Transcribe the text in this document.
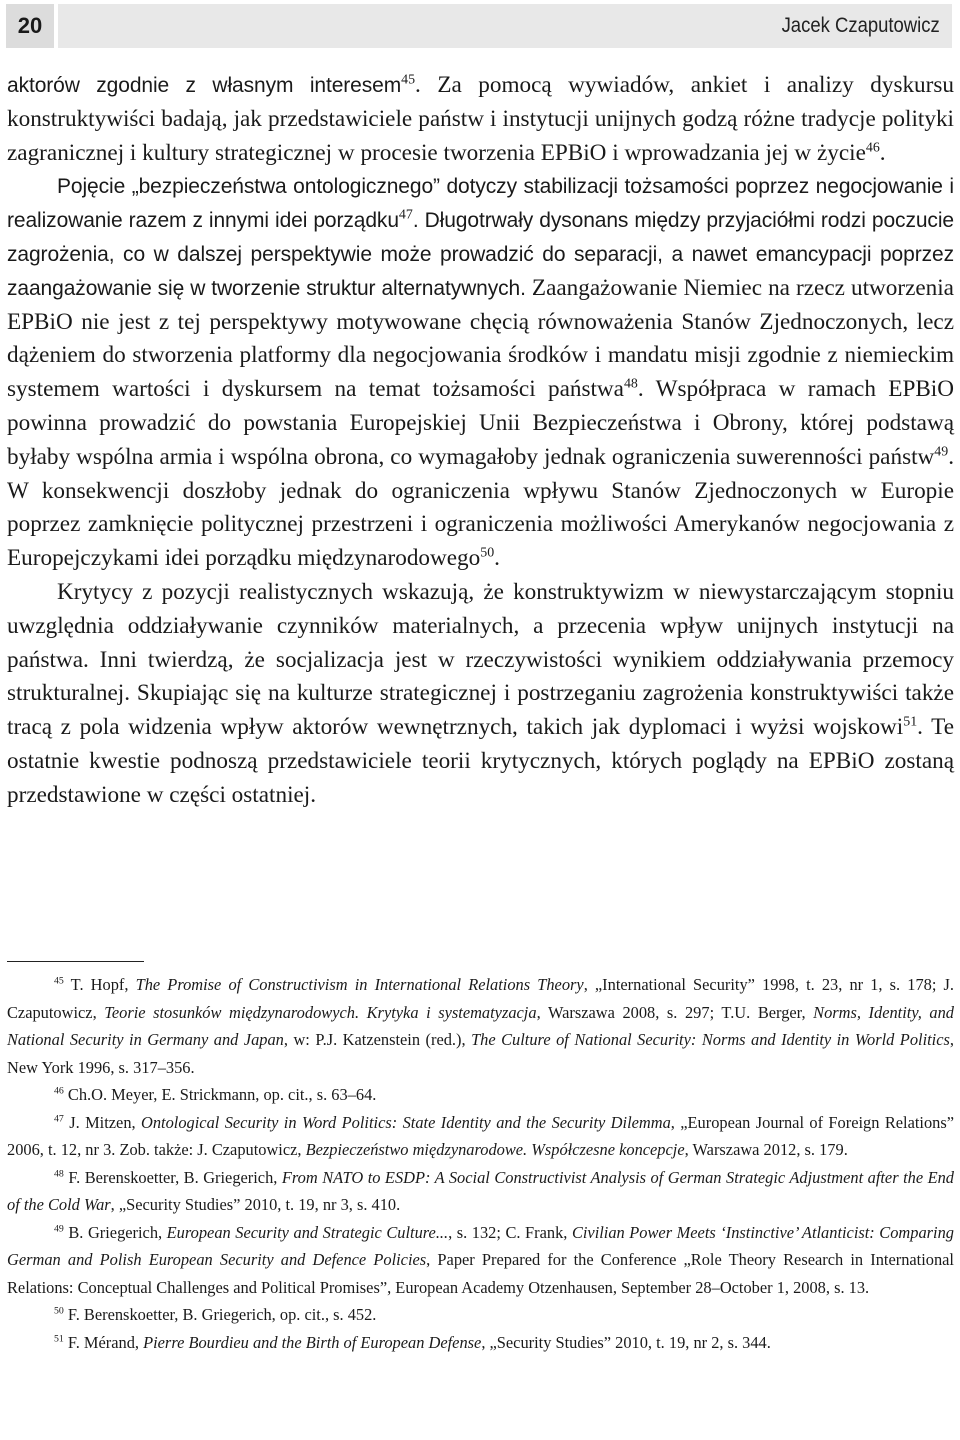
20	Jacek Czaputowicz

aktorów zgodnie z własnym interesem$^{45}$. Za pomocą wywiadów, ankiet i analizy dyskursu konstruktywiści badają, jak przedstawiciele państw i instytucji unijnych godzą różne tradycje polityki zagranicznej i kultury strategicznej w procesie tworzenia EPBiO i wprowadzania jej w życie$^{46}$.

Pojęcie „bezpieczeństwa ontologicznego” dotyczy stabilizacji tożsamości poprzez negocjowanie i realizowanie razem z innymi idei porządku$^{47}$. Długotrwały dysonans między przyjaciółmi rodzi poczucie zagrożenia, co w dalszej perspektywie może prowadzić do separacji, a nawet emancypacji poprzez zaangażowanie się w tworzenie struktur alternatywnych. Zaangażowanie Niemiec na rzecz utworzenia EPBiO nie jest z tej perspektywy motywowane chęcią równoważenia Stanów Zjednoczonych, lecz dążeniem do stworzenia platformy dla negocjowania środków i mandatu misji zgodnie z niemieckim systemem wartości i dyskursem na temat tożsamości państwa$^{48}$. Współpraca w ramach EPBiO powinna prowadzić do powstania Europejskiej Unii Bezpieczeństwa i Obrony, której podstawą byłaby wspólna armia i wspólna obrona, co wymagałoby jednak ograniczenia suwerenności państw$^{49}$. W konsekwencji doszłoby jednak do ograniczenia wpływu Stanów Zjednoczonych w Europie poprzez zamknięcie politycznej przestrzeni i ograniczenia możliwości Amerykanów negocjowania z Europejczykami idei porządku międzynarodowego$^{50}$.

Krytycy z pozycji realistycznych wskazują, że konstruktywizm w niewystarczającym stopniu uwzględnia oddziaływanie czynników materialnych, a przecenia wpływ unijnych instytucji na państwa. Inni twierdzą, że socjalizacja jest w rzeczywistości wynikiem oddziaływania przemocy strukturalnej. Skupiając się na kulturze strategicznej i postrzeganiu zagrożenia konstruktywiści także tracą z pola widzenia wpływ aktorów wewnętrznych, takich jak dyplomaci i wyżsi wojskowi$^{51}$. Te ostatnie kwestie podnoszą przedstawiciele teorii krytycznych, których poglądy na EPBiO zostaną przedstawione w części ostatniej.

$^{45}$ T. Hopf, The Promise of Constructivism in International Relations Theory, „International Security” 1998, t. 23, nr 1, s. 178; J. Czaputowicz, Teorie stosunków międzynarodowych. Krytyka i systematyzacja, Warszawa 2008, s. 297; T.U. Berger, Norms, Identity, and National Security in Germany and Japan, w: P.J. Katzenstein (red.), The Culture of National Security: Norms and Identity in World Politics, New York 1996, s. 317–356.

$^{46}$ Ch.O. Meyer, E. Strickmann, op. cit., s. 63–64.

$^{47}$ J. Mitzen, Ontological Security in Word Politics: State Identity and the Security Dilemma, „European Journal of Foreign Relations” 2006, t. 12, nr 3. Zob. także: J. Czaputowicz, Bezpieczeństwo międzynarodowe. Współczesne koncepcje, Warszawa 2012, s. 179.

$^{48}$ F. Berenskoetter, B. Griegerich, From NATO to ESDP: A Social Constructivist Analysis of German Strategic Adjustment after the End of the Cold War, „Security Studies” 2010, t. 19, nr 3, s. 410.

$^{49}$ B. Griegerich, European Security and Strategic Culture..., s. 132; C. Frank, Civilian Power Meets ‘Instinctive’ Atlanticist: Comparing German and Polish European Security and Defence Policies, Paper Prepared for the Conference „Role Theory Research in International Relations: Conceptual Challenges and Political Promises”, European Academy Otzenhausen, September 28–October 1, 2008, s. 13.

$^{50}$ F. Berenskoetter, B. Griegerich, op. cit., s. 452.

$^{51}$ F. Mérand, Pierre Bourdieu and the Birth of European Defense, „Security Studies” 2010, t. 19, nr 2, s. 344.
